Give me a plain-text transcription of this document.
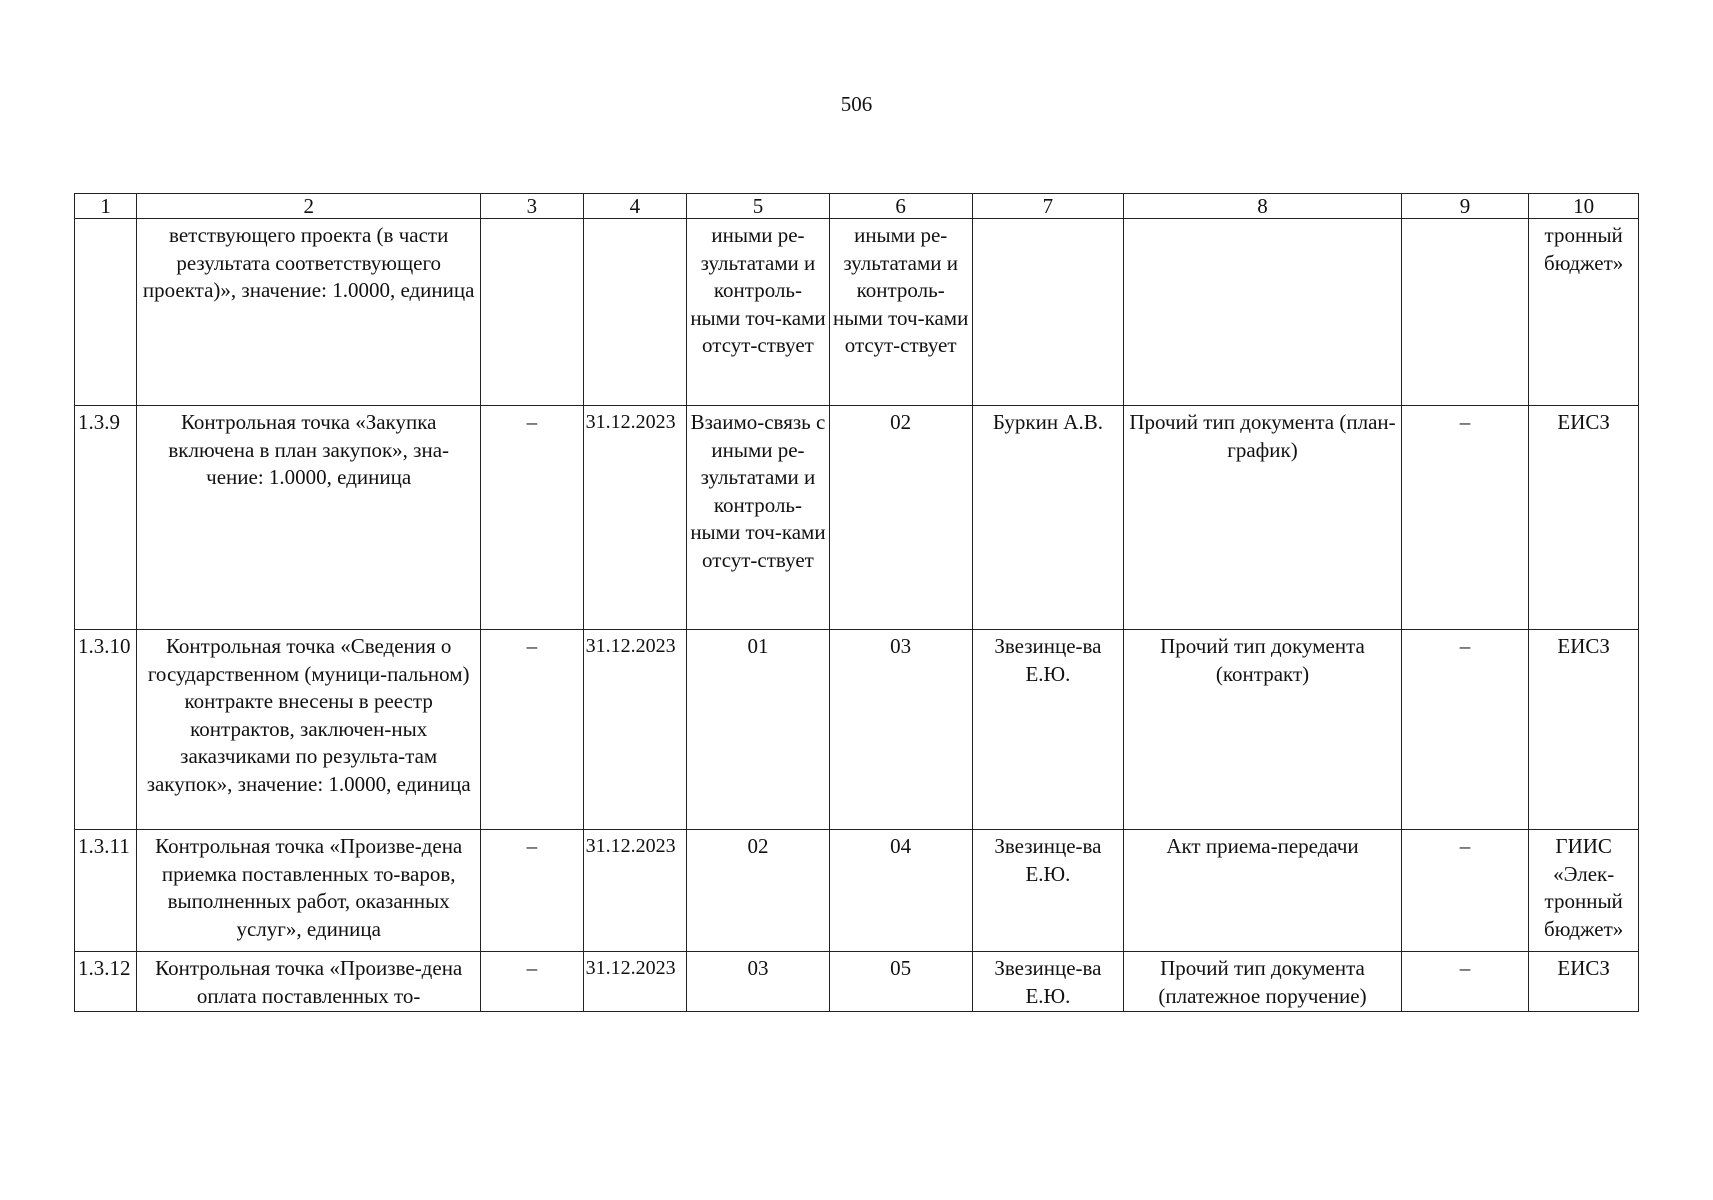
506
1	2	3	4	5	6	7	8	9	10
	ветствующего проекта (в части результата соответствующего проекта)», значение: 1.0000, единица			иными ре-зультатами и контроль-ными точ-ками отсут-ствует	иными ре-зультатами и контроль-ными точ-ками отсут-ствует				тронный бюджет»
1.3.9	Контрольная точка «Закупка включена в план закупок», зна-чение: 1.0000, единица	–	31.12.2023	Взаимо-связь с иными ре-зультатами и контроль-ными точ-ками отсут-ствует	02	Буркин А.В.	Прочий тип документа (план-график)	–	ЕИСЗ
1.3.10	Контрольная точка «Сведения о государственном (муници-пальном) контракте внесены в реестр контрактов, заключен-ных заказчиками по результа-там закупок», значение: 1.0000, единица	–	31.12.2023	01	03	Звезинце-ва Е.Ю.	Прочий тип документа (контракт)	–	ЕИСЗ
1.3.11	Контрольная точка «Произве-дена приемка поставленных то-варов, выполненных работ, оказанных услуг», единица	–	31.12.2023	02	04	Звезинце-ва Е.Ю.	Акт приема-передачи	–	ГИИС «Элек-тронный бюджет»
1.3.12	Контрольная точка «Произве-дена оплата поставленных то-	–	31.12.2023	03	05	Звезинце-ва Е.Ю.	Прочий тип документа (платежное поручение)	–	ЕИСЗ
